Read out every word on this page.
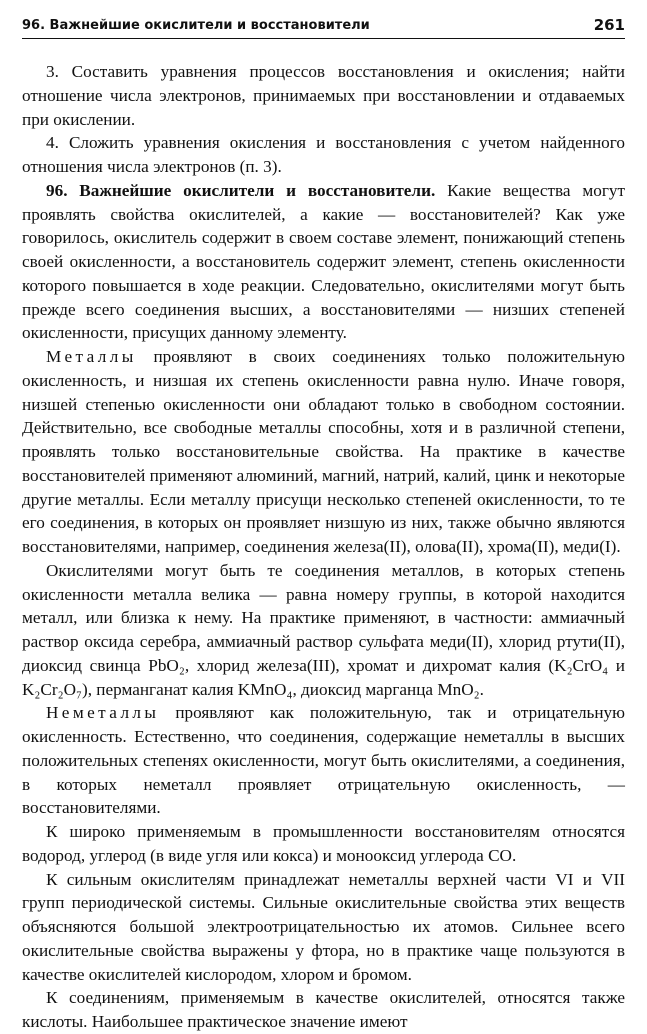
96. Важнейшие окислители и восстановители	261

3. Составить уравнения процессов восстановления и окисления; найти отношение числа электронов, принимаемых при восстановлении и отдаваемых при окислении.

4. Сложить уравнения окисления и восстановления с учетом найденного отношения числа электронов (п. 3).

96. Важнейшие окислители и восстановители. Какие вещества могут проявлять свойства окислителей, а какие — восстановителей? Как уже говорилось, окислитель содержит в своем составе элемент, понижающий степень своей окисленности, а восстановитель содержит элемент, степень окисленности которого повышается в ходе реакции. Следовательно, окислителями могут быть прежде всего соединения высших, а восстановителями — низших степеней окисленности, присущих данному элементу.

Металлы проявляют в своих соединениях только положительную окисленность, и низшая их степень окисленности равна нулю. Иначе говоря, низшей степенью окисленности они обладают только в свободном состоянии. Действительно, все свободные металлы способны, хотя и в различной степени, проявлять только восстановительные свойства. На практике в качестве восстановителей применяют алюминий, магний, натрий, калий, цинк и некоторые другие металлы. Если металлу присущи несколько степеней окисленности, то те его соединения, в которых он проявляет низшую из них, также обычно являются восстановителями, например, соединения железа(II), олова(II), хрома(II), меди(I).

Окислителями могут быть те соединения металлов, в которых степень окисленности металла велика — равна номеру группы, в которой находится металл, или близка к нему. На практике применяют, в частности: аммиачный раствор оксида серебра, аммиачный раствор сульфата меди(II), хлорид ртути(II), диоксид свинца PbO₂, хлорид железа(III), хромат и дихромат калия (K₂CrO₄ и K₂Cr₂O₇), перманганат калия KMnO₄, диоксид марганца MnO₂.

Неметаллы проявляют как положительную, так и отрицательную окисленность. Естественно, что соединения, содержащие неметаллы в высших положительных степенях окисленности, могут быть окислителями, а соединения, в которых неметалл проявляет отрицательную окисленность, — восстановителями.

К широко применяемым в промышленности восстановителям относятся водород, углерод (в виде угля или кокса) и монооксид углерода CO.

К сильным окислителям принадлежат неметаллы верхней части VI и VII групп периодической системы. Сильные окислительные свойства этих веществ объясняются большой электроотрицательностью их атомов. Сильнее всего окислительные свойства выражены у фтора, но в практике чаще пользуются в качестве окислителей кислородом, хлором и бромом.

К соединениям, применяемым в качестве окислителей, относятся также кислоты. Наибольшее практическое значение имеют
